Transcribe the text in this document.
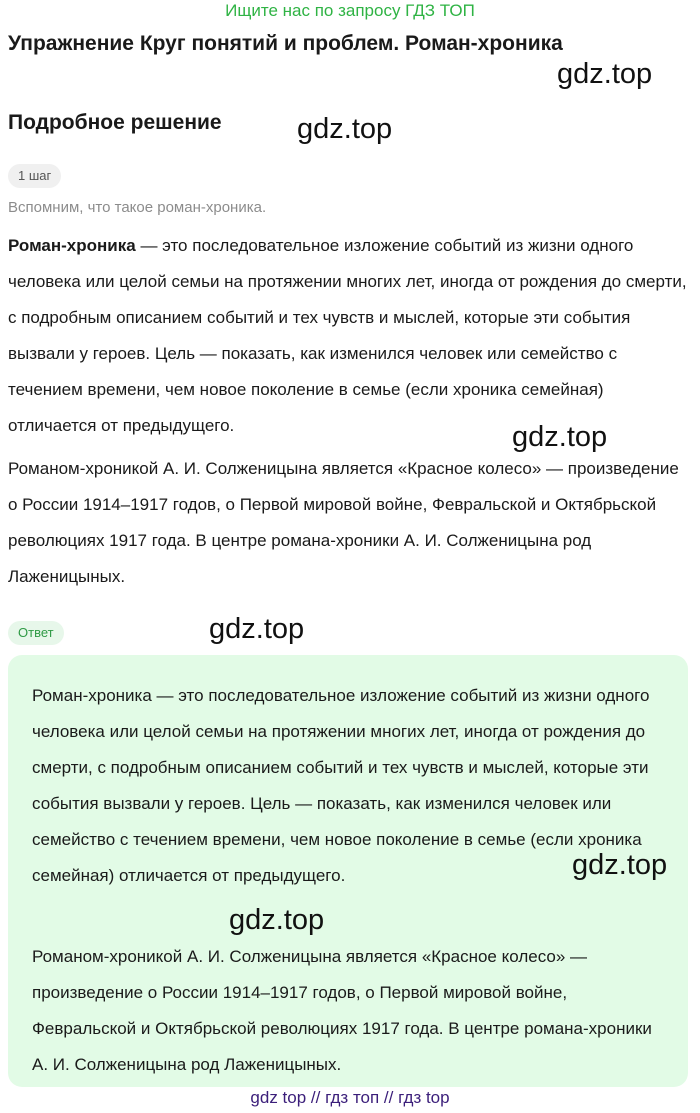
Ищите нас по запросу ГДЗ ТОП
Упражнение Круг понятий и проблем. Роман-хроника
gdz.top
Подробное решение	gdz.top
1 шаг
Вспомним, что такое роман-хроника.

Роман-хроника — это последовательное изложение событий из жизни одного человека или целой семьи на протяжении многих лет, иногда от рождения до смерти, с подробным описанием событий и тех чувств и мыслей, которые эти события вызвали у героев. Цель — показать, как изменился человек или семейство с течением времени, чем новое поколение в семье (если хроника семейная) отличается от предыдущего.	gdz.top

Романом-хроникой А. И. Солженицына является «Красное колесо» — произведение о России 1914–1917 годов, о Первой мировой войне, Февральской и Октябрьской революциях 1917 года. В центре романа-хроники А. И. Солженицына род Лаженицыных.

Ответ	gdz.top

Роман-хроника — это последовательное изложение событий из жизни одного человека или целой семьи на протяжении многих лет, иногда от рождения до смерти, с подробным описанием событий и тех чувств и мыслей, которые эти события вызвали у героев. Цель — показать, как изменился человек или семейство с течением времени, чем новое поколение в семье (если хроника семейная) отличается от предыдущего.	gdz.top
gdz.top

Романом-хроникой А. И. Солженицына является «Красное колесо» — произведение о России 1914–1917 годов, о Первой мировой войне, Февральской и Октябрьской революциях 1917 года. В центре романа-хроники А. И. Солженицына род Лаженицыных.

gdz top // гдз топ // гдз top
